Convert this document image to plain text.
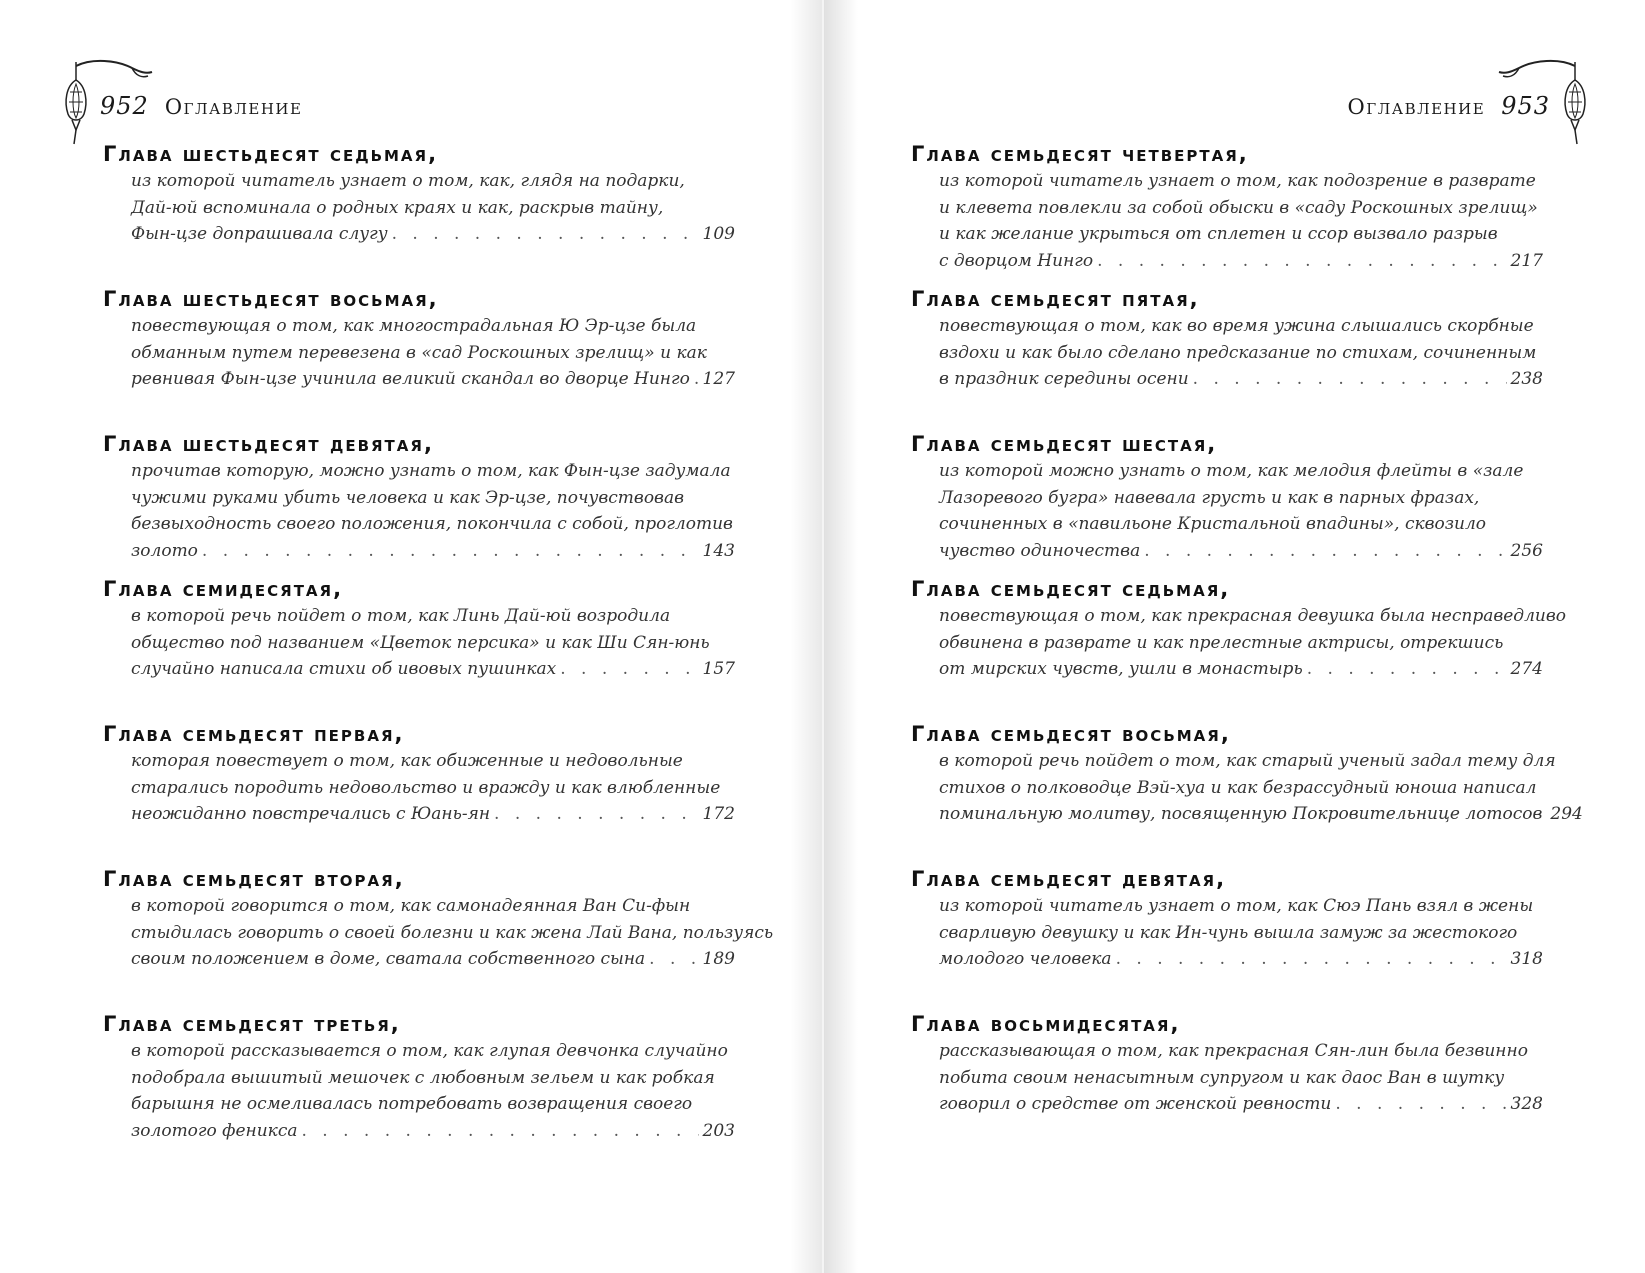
952 Оглавление
Глава шестьдесят седьмая,
из которой читатель узнает о том, как, глядя на подарки,
Дай-юй вспоминала о родных краях и как, раскрыв тайну,
Фын-цзе допрашивала слугу . . .	109
Глава шестьдесят восьмая,
повествующая о том, как многострадальная Ю Эр-цзе была
обманным путем перевезена в «сад Роскошных зрелищ» и как
ревнивая Фын-цзе учинила великий скандал во дворце Нинго . . . 127
Глава шестьдесят девятая,
прочитав которую, можно узнать о том, как Фын-цзе задумала
чужими руками убить человека и как Эр-цзе, почувствовав
безвыходность своего положения, покончила с собой, проглотив
золото . . .	143
Глава семидесятая,
в которой речь пойдет о том, как Линь Дай-юй возродила
общество под названием «Цветок персика» и как Ши Сян-юнь
случайно написала стихи об ивовых пушинках . . .	157
Глава семьдесят первая,
которая повествует о том, как обиженные и недовольные
старались породить недовольство и вражду и как влюбленные
неожиданно повстречались с Юань-ян . . .	172
Глава семьдесят вторая,
в которой говорится о том, как самонадеянная Ван Си-фын
стыдилась говорить о своей болезни и как жена Лай Вана, пользуясь
своим положением в доме, сватала собственного сына . . .	189
Глава семьдесят третья,
в которой рассказывается о том, как глупая девчонка случайно
подобрала вышитый мешочек с любовным зельем и как робкая
барышня не осмеливалась потребовать возвращения своего
золотого феникса . . .	203
Оглавление 953
Глава семьдесят четвертая,
из которой читатель узнает о том, как подозрение в разврате
и клевета повлекли за собой обыски в «саду Роскошных зрелищ»
и как желание укрыться от сплетен и ссор вызвало разрыв
с дворцом Нинго . . .	217
Глава семьдесят пятая,
повествующая о том, как во время ужина слышались скорбные
вздохи и как было сделано предсказание по стихам, сочиненным
в праздник середины осени . . .	238
Глава семьдесят шестая,
из которой можно узнать о том, как мелодия флейты в «зале
Лазоревого бугра» навевала грусть и как в парных фразах,
сочиненных в «павильоне Кристальной впадины», сквозило
чувство одиночества . . .	256
Глава семьдесят седьмая,
повествующая о том, как прекрасная девушка была несправедливо
обвинена в разврате и как прелестные актрисы, отрекшись
от мирских чувств, ушли в монастырь . . .	274
Глава семьдесят восьмая,
в которой речь пойдет о том, как старый ученый задал тему для
стихов о полководце Вэй-хуа и как безрассудный юноша написал
поминальную молитву, посвященную Покровительнице лотосов 294
Глава семьдесят девятая,
из которой читатель узнает о том, как Сюэ Пань взял в жены
сварливую девушку и как Ин-чунь вышла замуж за жестокого
молодого человека . . .	318
Глава восьмидесятая,
рассказывающая о том, как прекрасная Сян-лин была безвинно
побита своим ненасытным супругом и как даос Ван в шутку
говорил о средстве от женской ревности . . .	328
